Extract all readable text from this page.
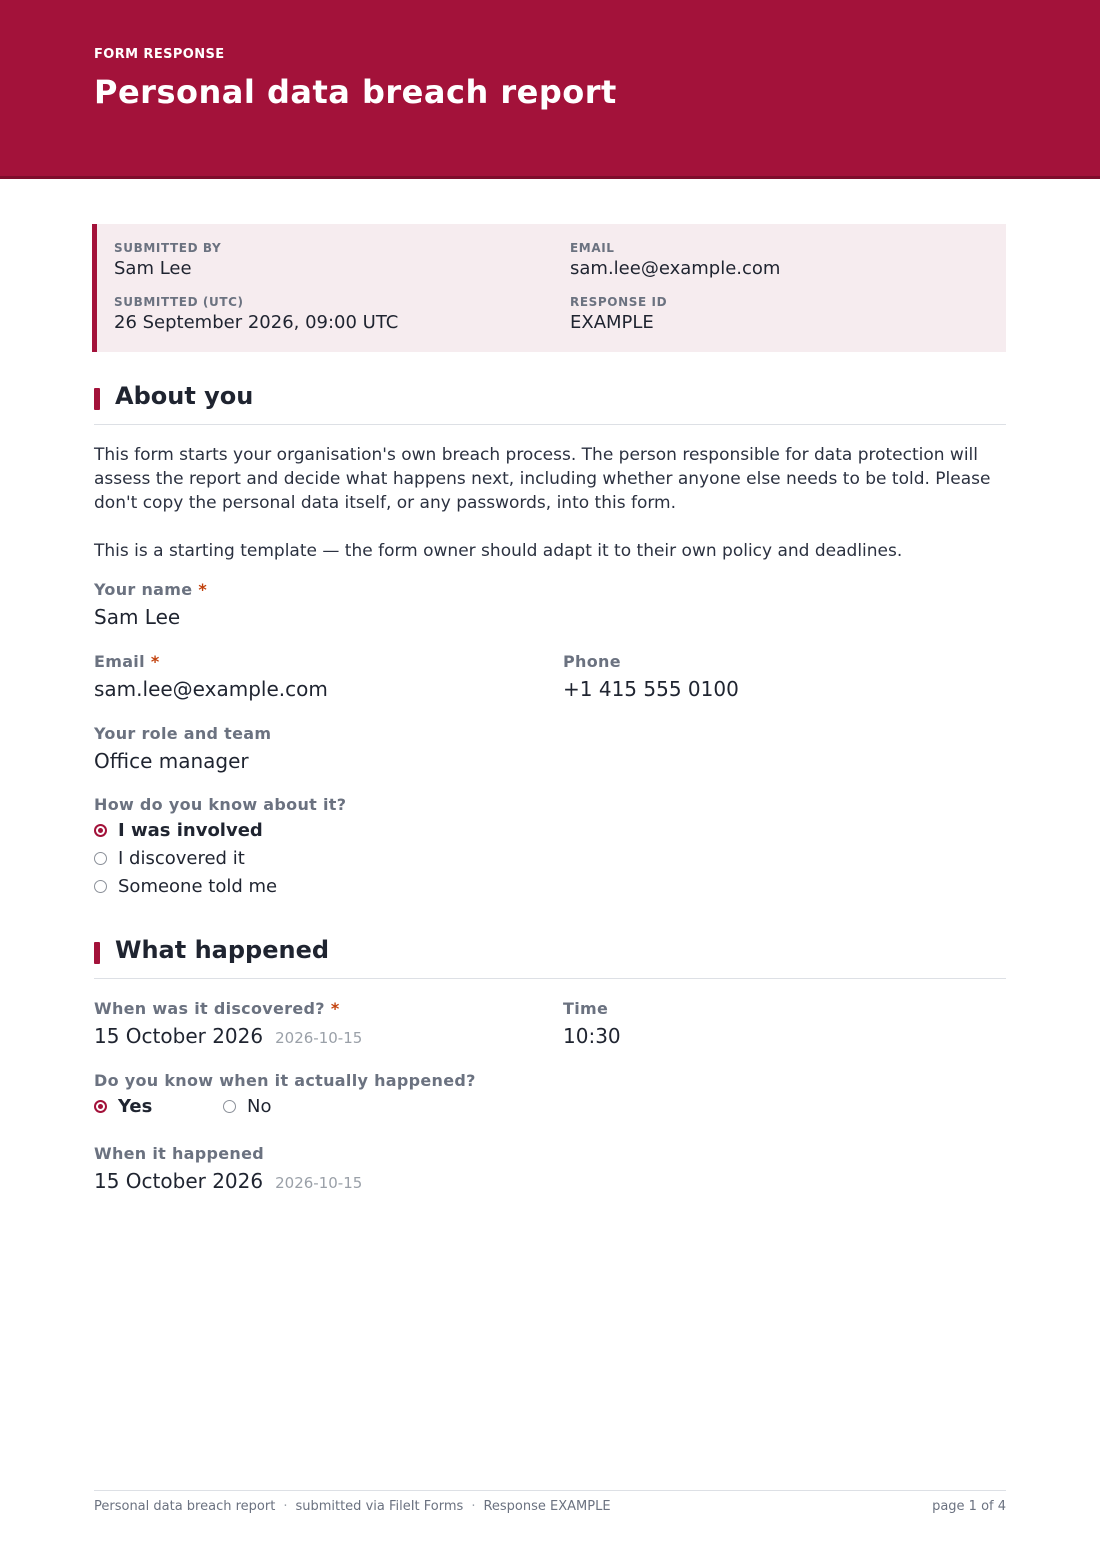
FORM RESPONSE
Personal data breach report
SUBMITTED BY
Sam Lee
EMAIL
sam.lee@example.com
SUBMITTED (UTC)
26 September 2026, 09:00 UTC
RESPONSE ID
EXAMPLE
About you
This form starts your organisation's own breach process. The person responsible for data protection will assess the report and decide what happens next, including whether anyone else needs to be told. Please don't copy the personal data itself, or any passwords, into this form.
This is a starting template — the form owner should adapt it to their own policy and deadlines.
Your name *
Sam Lee
Email *
sam.lee@example.com
Phone
+1 415 555 0100
Your role and team
Office manager
How do you know about it?
I was involved
I discovered it
Someone told me
What happened
When was it discovered? *
15 October 2026 2026-10-15
Time
10:30
Do you know when it actually happened?
Yes	No
When it happened
15 October 2026 2026-10-15
Personal data breach report · submitted via FileIt Forms · Response EXAMPLE	page 1 of 4
